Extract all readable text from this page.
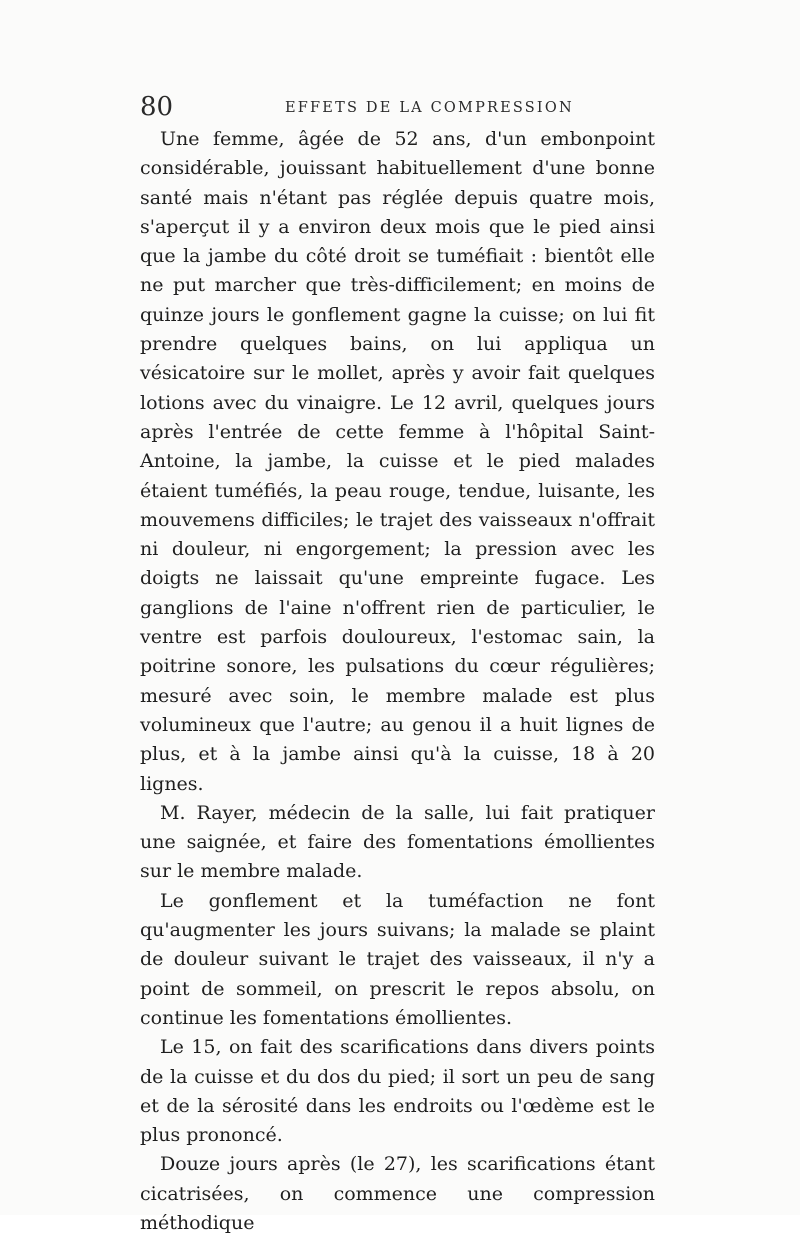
80	EFFETS DE LA COMPRESSION

Une femme, âgée de 52 ans, d'un embonpoint considérable, jouissant habituellement d'une bonne santé mais n'étant pas réglée depuis quatre mois, s'aperçut il y a environ deux mois que le pied ainsi que la jambe du côté droit se tuméfiait : bientôt elle ne put marcher que très-difficilement; en moins de quinze jours le gonflement gagne la cuisse; on lui fit prendre quelques bains, on lui appliqua un vésicatoire sur le mollet, après y avoir fait quelques lotions avec du vinaigre. Le 12 avril, quelques jours après l'entrée de cette femme à l'hôpital Saint-Antoine, la jambe, la cuisse et le pied malades étaient tuméfiés, la peau rouge, tendue, luisante, les mouvemens difficiles; le trajet des vaisseaux n'offrait ni douleur, ni engorgement; la pression avec les doigts ne laissait qu'une empreinte fugace. Les ganglions de l'aine n'offrent rien de particulier, le ventre est parfois douloureux, l'estomac sain, la poitrine sonore, les pulsations du cœur régulières; mesuré avec soin, le membre malade est plus volumineux que l'autre; au genou il a huit lignes de plus, et à la jambe ainsi qu'à la cuisse, 18 à 20 lignes.

M. Rayer, médecin de la salle, lui fait pratiquer une saignée, et faire des fomentations émollientes sur le membre malade.

Le gonflement et la tuméfaction ne font qu'augmenter les jours suivans; la malade se plaint de douleur suivant le trajet des vaisseaux, il n'y a point de sommeil, on prescrit le repos absolu, on continue les fomentations émollientes.

Le 15, on fait des scarifications dans divers points de la cuisse et du dos du pied; il sort un peu de sang et de la sérosité dans les endroits ou l'œdème est le plus prononcé.

Douze jours après (le 27), les scarifications étant cicatrisées, on commence une compression méthodique
